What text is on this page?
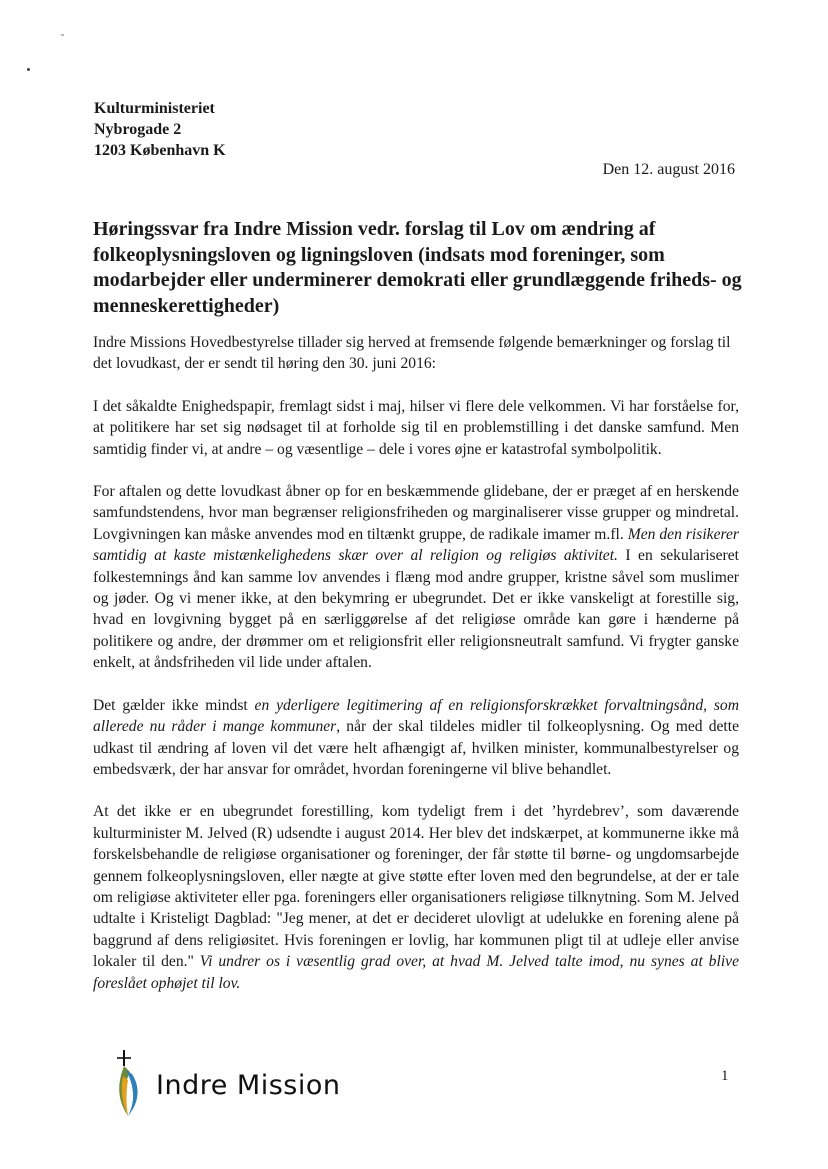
Kulturministeriet
Nybrogade 2
1203 København K
Den 12. august 2016
Høringssvar fra Indre Mission vedr. forslag til Lov om ændring af folkeoplysningsloven og ligningsloven (indsats mod foreninger, som modarbejder eller underminerer demokrati eller grundlæggende friheds- og menneskerettigheder)

Indre Missions Hovedbestyrelse tillader sig herved at fremsende følgende bemærkninger og forslag til det lovudkast, der er sendt til høring den 30. juni 2016:

I det såkaldte Enighedspapir, fremlagt sidst i maj, hilser vi flere dele velkommen. Vi har forståelse for, at politikere har set sig nødsaget til at forholde sig til en problemstilling i det danske samfund. Men samtidig finder vi, at andre – og væsentlige – dele i vores øjne er katastrofal symbolpolitik.

For aftalen og dette lovudkast åbner op for en beskæmmende glidebane, der er præget af en herskende samfundstendens, hvor man begrænser religionsfriheden og marginaliserer visse grupper og mindretal. Lovgivningen kan måske anvendes mod en tiltænkt gruppe, de radikale imamer m.fl. Men den risikerer samtidig at kaste mistænkelighedens skær over al religion og religiøs aktivitet. I en sekulariseret folkestemnings ånd kan samme lov anvendes i flæng mod andre grupper, kristne såvel som muslimer og jøder. Og vi mener ikke, at den bekymring er ubegrundet. Det er ikke vanskeligt at forestille sig, hvad en lovgivning bygget på en særliggørelse af det religiøse område kan gøre i hænderne på politikere og andre, der drømmer om et religionsfrit eller religionsneutralt samfund. Vi frygter ganske enkelt, at åndsfriheden vil lide under aftalen.

Det gælder ikke mindst en yderligere legitimering af en religionsforskrækket forvaltningsånd, som allerede nu råder i mange kommuner, når der skal tildeles midler til folkeoplysning. Og med dette udkast til ændring af loven vil det være helt afhængigt af, hvilken minister, kommunalbestyrelser og embedsværk, der har ansvar for området, hvordan foreningerne vil blive behandlet.

At det ikke er en ubegrundet forestilling, kom tydeligt frem i det ’hyrdebrev’, som daværende kulturminister M. Jelved (R) udsendte i august 2014. Her blev det indskærpet, at kommunerne ikke må forskelsbehandle de religiøse organisationer og foreninger, der får støtte til børne- og ungdomsarbejde gennem folkeoplysningsloven, eller nægte at give støtte efter loven med den begrundelse, at der er tale om religiøse aktiviteter eller pga. foreningers eller organisationers religiøse tilknytning. Som M. Jelved udtalte i Kristeligt Dagblad: "Jeg mener, at det er decideret ulovligt at udelukke en forening alene på baggrund af dens religiøsitet. Hvis foreningen er lovlig, har kommunen pligt til at udleje eller anvise lokaler til den." Vi undrer os i væsentlig grad over, at hvad M. Jelved talte imod, nu synes at blive foreslået ophøjet til lov.

Indre Mission	1
